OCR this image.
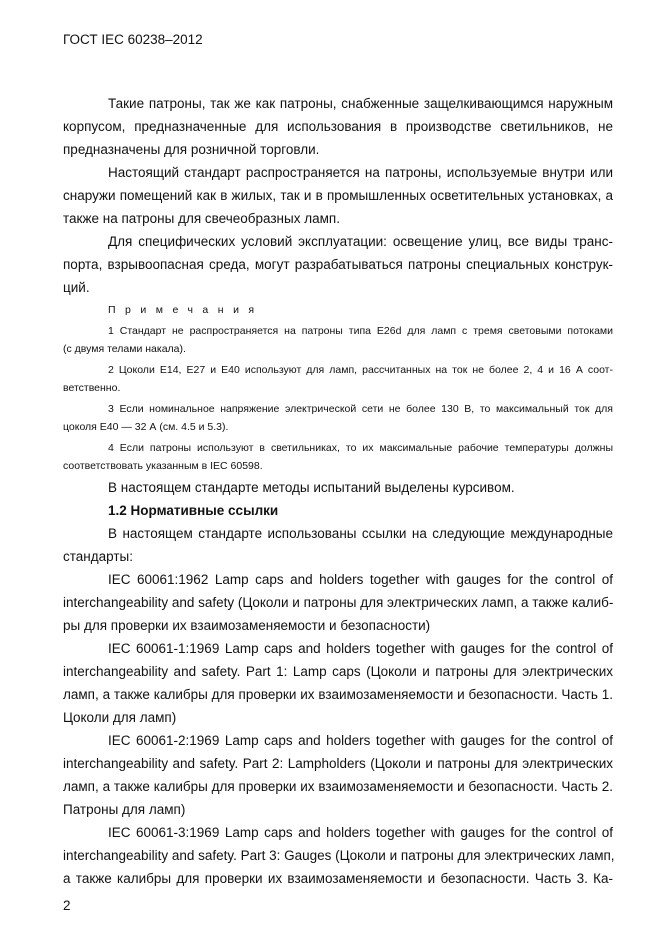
ГОСТ IEC 60238–2012
Такие патроны, так же как патроны, снабженные защелкивающимся наружным
корпусом, предназначенные для использования в производстве светильников, не
предназначены для розничной торговли.
Настоящий стандарт распространяется на патроны, используемые внутри или
снаружи помещений как в жилых, так и в промышленных осветительных установках, а
также на патроны для свечеобразных ламп.
Для специфических условий эксплуатации: освещение улиц, все виды транс-
порта, взрывоопасная среда, могут разрабатываться патроны специальных конструк-
ций.
Примечания
1 Стандарт не распространяется на патроны типа E26d для ламп с тремя световыми потоками
(с двумя телами накала).
2 Цоколи E14, E27 и E40 используют для ламп, рассчитанных на ток не более 2, 4 и 16 А соот-
ветственно.
3 Если номинальное напряжение электрической сети не более 130 В, то максимальный ток для
цоколя E40 — 32 А (см. 4.5 и 5.3).
4 Если патроны используют в светильниках, то их максимальные рабочие температуры должны
соответствовать указанным в IEC 60598.
В настоящем стандарте методы испытаний выделены курсивом.
1.2 Нормативные ссылки
В настоящем стандарте использованы ссылки на следующие международные
стандарты:
IEC 60061:1962 Lamp caps and holders together with gauges for the control of
interchangeability and safety (Цоколи и патроны для электрических ламп, а также калиб-
ры для проверки их взаимозаменяемости и безопасности)
IEC 60061-1:1969 Lamp caps and holders together with gauges for the control of
interchangeability and safety. Part 1: Lamp caps (Цоколи и патроны для электрических
ламп, а также калибры для проверки их взаимозаменяемости и безопасности. Часть 1.
Цоколи для ламп)
IEC 60061-2:1969 Lamp caps and holders together with gauges for the control of
interchangeability and safety. Part 2: Lampholders (Цоколи и патроны для электрических
ламп, а также калибры для проверки их взаимозаменяемости и безопасности. Часть 2.
Патроны для ламп)
IEC 60061-3:1969 Lamp caps and holders together with gauges for the control of
interchangeability and safety. Part 3: Gauges (Цоколи и патроны для электрических ламп,
а также калибры для проверки их взаимозаменяемости и безопасности. Часть 3. Ка-
2
